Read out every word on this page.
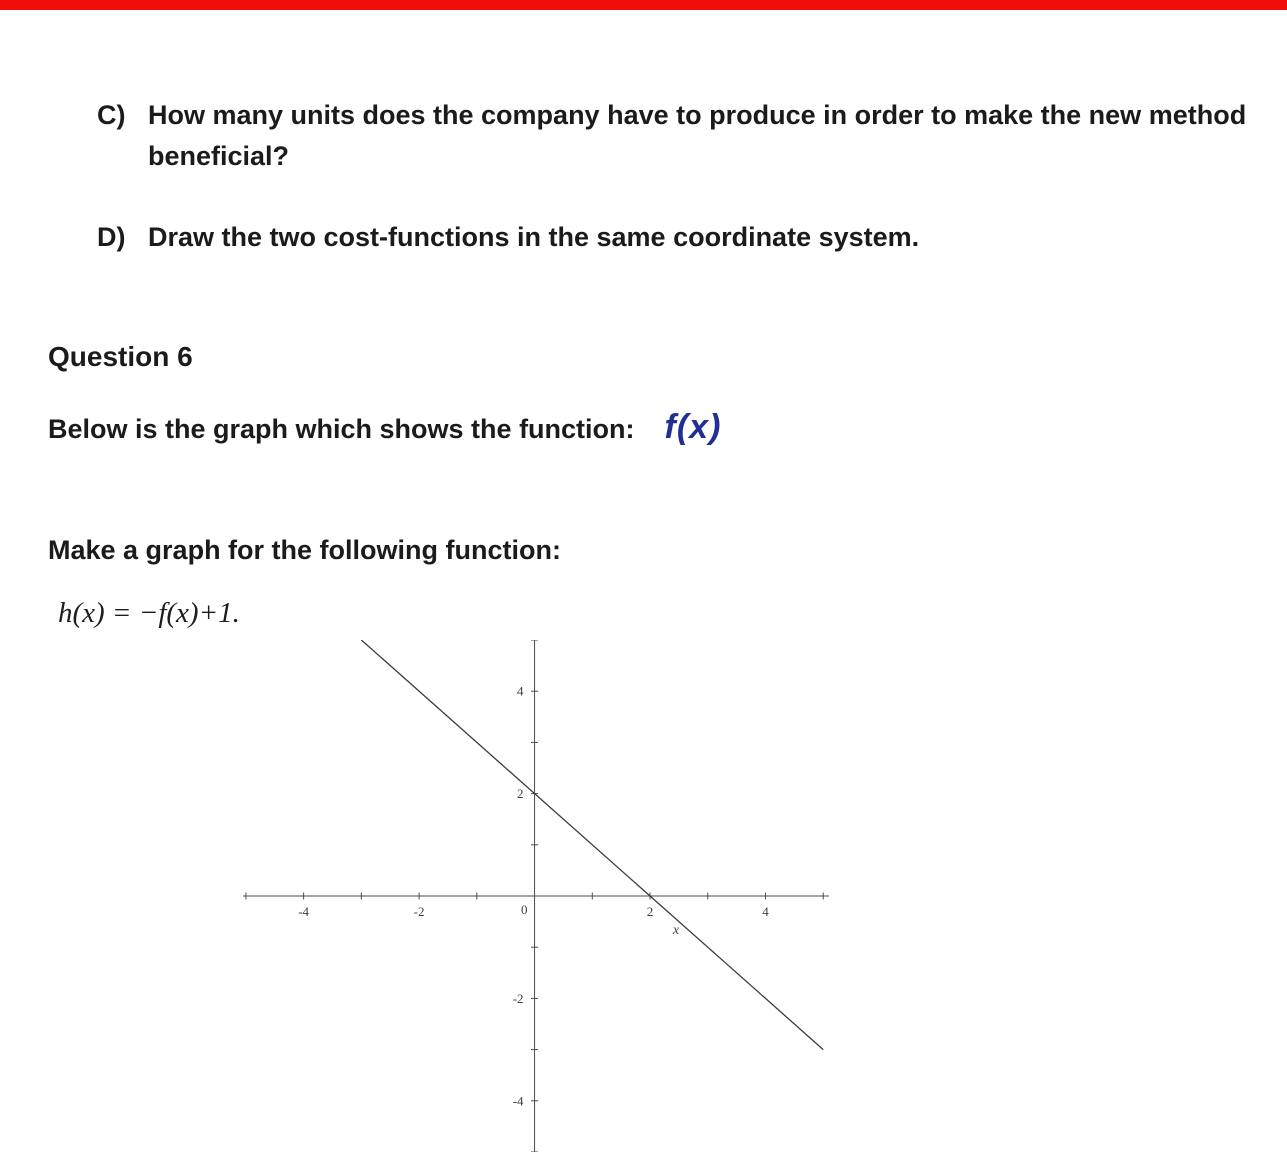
C) How many units does the company have to produce in order to make the new method beneficial?
D) Draw the two cost-functions in the same coordinate system.
Question 6
Below is the graph which shows the function: f(x)
Make a graph for the following function:
h(x) = −f(x)+1.
-4	-2	0	2	4
4
2
-2
-4
x
